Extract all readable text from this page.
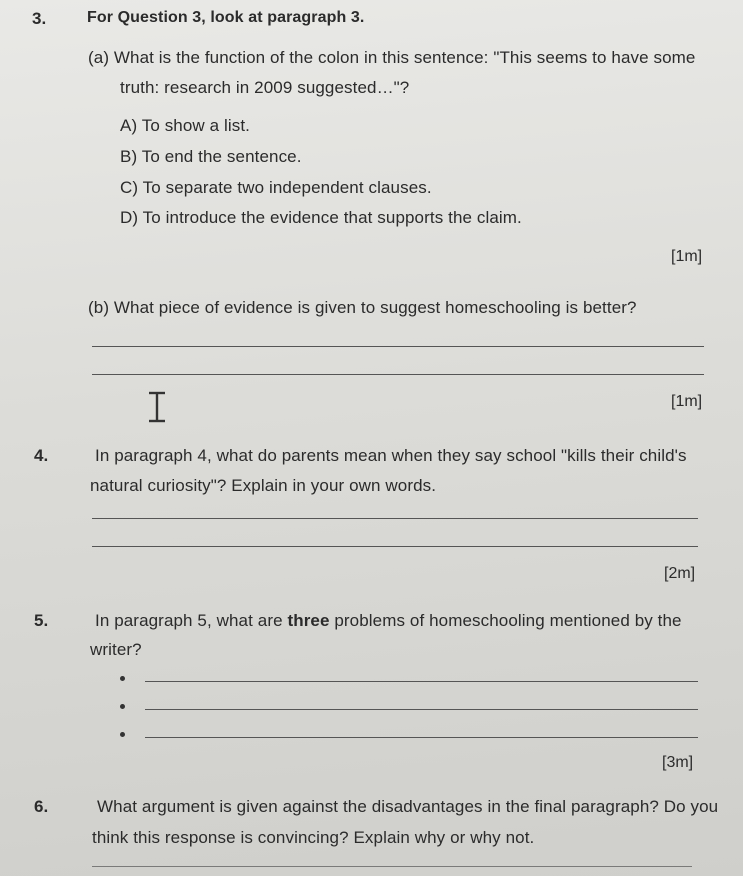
3.	For Question 3, look at paragraph 3.
(a) What is the function of the colon in this sentence: "This seems to have some
truth: research in 2009 suggested…"?
A) To show a list.
B) To end the sentence.
C) To separate two independent clauses.
D) To introduce the evidence that supports the claim.
[1m]
(b) What piece of evidence is given to suggest homeschooling is better?
[1m]
4.	In paragraph 4, what do parents mean when they say school "kills their child's
natural curiosity"? Explain in your own words.
[2m]
5.	In paragraph 5, what are three problems of homeschooling mentioned by the
writer?
[3m]
6.	What argument is given against the disadvantages in the final paragraph? Do you
think this response is convincing? Explain why or why not.
